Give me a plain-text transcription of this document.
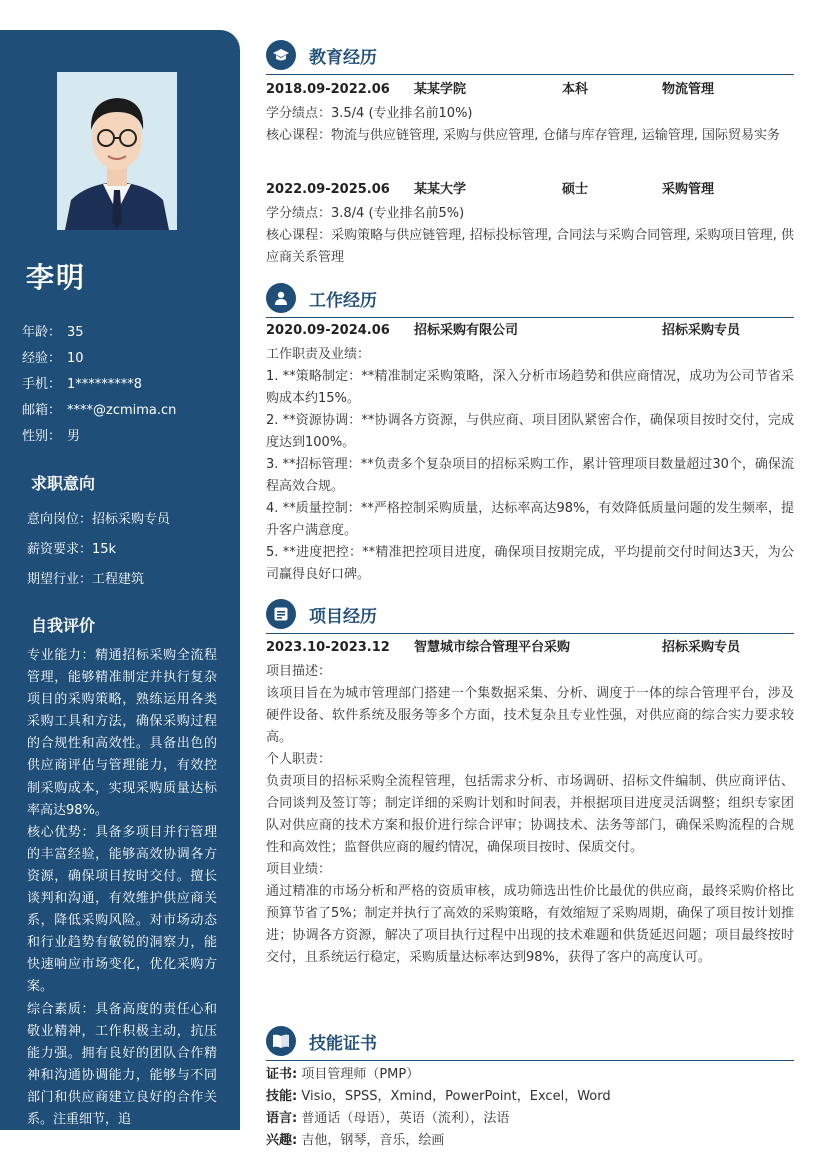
李明
年龄： 35
经验： 10
手机： 1*********8
邮箱： ****@zcmima.cn
性别： 男
求职意向
意向岗位：招标采购专员
薪资要求：15k
期望行业：工程建筑
自我评价

专业能力：精通招标采购全流程管理，能够精准制定并执行复杂项目的采购策略，熟练运用各类采购工具和方法，确保采购过程的合规性和高效性。具备出色的供应商评估与管理能力，有效控制采购成本，实现采购质量达标率高达98%。

核心优势：具备多项目并行管理的丰富经验，能够高效协调各方资源，确保项目按时交付。擅长谈判和沟通，有效维护供应商关系，降低采购风险。对市场动态和行业趋势有敏锐的洞察力，能快速响应市场变化，优化采购方案。

综合素质：具备高度的责任心和敬业精神，工作积极主动，抗压能力强。拥有良好的团队合作精神和沟通协调能力，能够与不同部门和供应商建立良好的合作关系。注重细节，追

教育经历
2018.09-2022.06 某某学院	本科	物流管理

学分绩点：3.5/4 (专业排名前10%)

核心课程：物流与供应链管理, 采购与供应管理, 仓储与库存管理, 运输管理, 国际贸易实务

2022.09-2025.06 某某大学	硕士	采购管理

学分绩点：3.8/4 (专业排名前5%)

核心课程：采购策略与供应链管理, 招标投标管理, 合同法与采购合同管理, 采购项目管理, 供应商关系管理

工作经历
2020.09-2024.06 招标采购有限公司	招标采购专员

工作职责及业绩：

1. **策略制定：**精准制定采购策略，深入分析市场趋势和供应商情况，成功为公司节省采购成本约15%。

2. **资源协调：**协调各方资源，与供应商、项目团队紧密合作，确保项目按时交付，完成度达到100%。

3. **招标管理：**负责多个复杂项目的招标采购工作，累计管理项目数量超过30个，确保流程高效合规。

4. **质量控制：**严格控制采购质量，达标率高达98%，有效降低质量问题的发生频率，提升客户满意度。

5. **进度把控：**精准把控项目进度，确保项目按期完成，平均提前交付时间达3天，为公司赢得良好口碑。

项目经历
2023.10-2023.12 智慧城市综合管理平台采购	招标采购专员

项目描述：

该项目旨在为城市管理部门搭建一个集数据采集、分析、调度于一体的综合管理平台，涉及硬件设备、软件系统及服务等多个方面，技术复杂且专业性强，对供应商的综合实力要求较高。

个人职责：

负责项目的招标采购全流程管理，包括需求分析、市场调研、招标文件编制、供应商评估、合同谈判及签订等；制定详细的采购计划和时间表，并根据项目进度灵活调整；组织专家团队对供应商的技术方案和报价进行综合评审；协调技术、法务等部门，确保采购流程的合规性和高效性；监督供应商的履约情况，确保项目按时、保质交付。

项目业绩：

通过精准的市场分析和严格的资质审核，成功筛选出性价比最优的供应商，最终采购价格比预算节省了5%；制定并执行了高效的采购策略，有效缩短了采购周期，确保了项目按计划推进；协调各方资源，解决了项目执行过程中出现的技术难题和供货延迟问题；项目最终按时交付，且系统运行稳定，采购质量达标率达到98%，获得了客户的高度认可。

技能证书
证书: 项目管理师（PMP）
技能: Visio，SPSS，Xmind，PowerPoint，Excel，Word
语言: 普通话（母语），英语（流利），法语
兴趣: 吉他，钢琴，音乐，绘画
